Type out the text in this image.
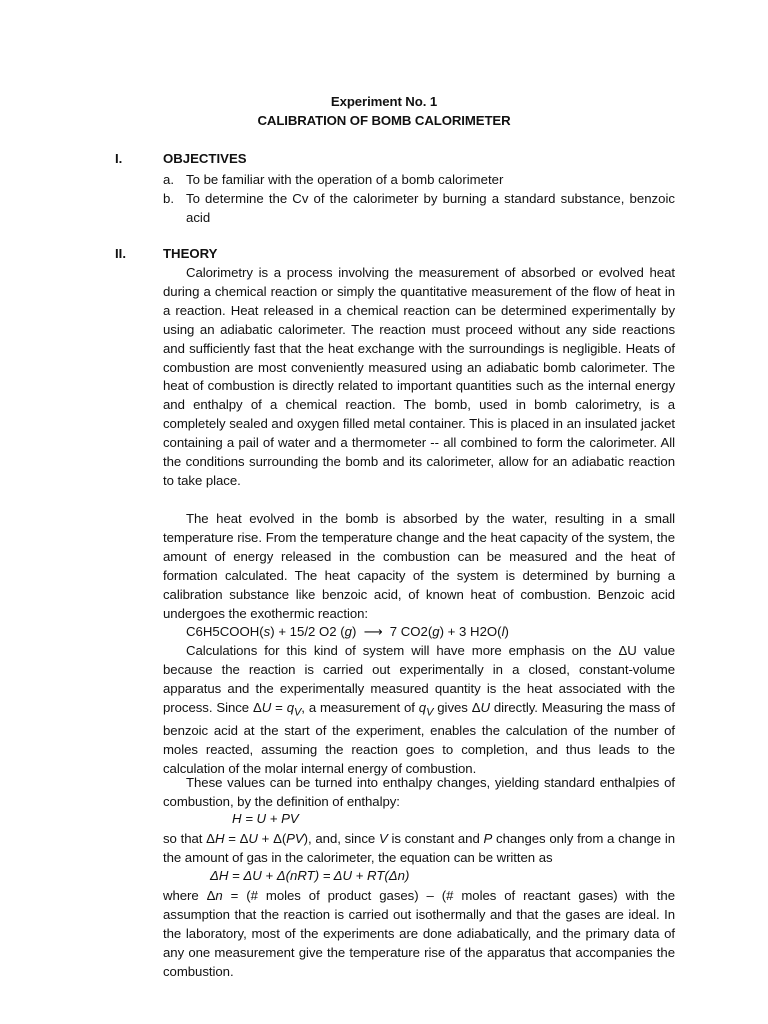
Experiment No. 1
CALIBRATION OF BOMB CALORIMETER
I.	OBJECTIVES
a. To be familiar with the operation of a bomb calorimeter
b. To determine the Cv of the calorimeter by burning a standard substance, benzoic acid
II.	THEORY
Calorimetry is a process involving the measurement of absorbed or evolved heat during a chemical reaction or simply the quantitative measurement of the flow of heat in a reaction. Heat released in a chemical reaction can be determined experimentally by using an adiabatic calorimeter. The reaction must proceed without any side reactions and sufficiently fast that the heat exchange with the surroundings is negligible. Heats of combustion are most conveniently measured using an adiabatic bomb calorimeter. The heat of combustion is directly related to important quantities such as the internal energy and enthalpy of a chemical reaction. The bomb, used in bomb calorimetry, is a completely sealed and oxygen filled metal container. This is placed in an insulated jacket containing a pail of water and a thermometer -- all combined to form the calorimeter. All the conditions surrounding the bomb and its calorimeter, allow for an adiabatic reaction to take place.
The heat evolved in the bomb is absorbed by the water, resulting in a small temperature rise. From the temperature change and the heat capacity of the system, the amount of energy released in the combustion can be measured and the heat of formation calculated. The heat capacity of the system is determined by burning a calibration substance like benzoic acid, of known heat of combustion. Benzoic acid undergoes the exothermic reaction:
C6H5COOH(s) + 15/2 O2 (g) ⟶ 7 CO2(g) + 3 H2O(l)
Calculations for this kind of system will have more emphasis on the ΔU value because the reaction is carried out experimentally in a closed, constant-volume apparatus and the experimentally measured quantity is the heat associated with the process. Since $\Delta U = q_V$, a measurement of $q_V$ gives ΔU directly. Measuring the mass of benzoic acid at the start of the experiment, enables the calculation of the number of moles reacted, assuming the reaction goes to completion, and thus leads to the calculation of the molar internal energy of combustion.
These values can be turned into enthalpy changes, yielding standard enthalpies of combustion, by the definition of enthalpy:
H = U + PV
so that ΔH = ΔU + Δ(PV), and, since V is constant and P changes only from a change in the amount of gas in the calorimeter, the equation can be written as
ΔH = ΔU + Δ(nRT) = ΔU + RT(Δn)
where Δn = (# moles of product gases) – (# moles of reactant gases) with the assumption that the reaction is carried out isothermally and that the gases are ideal. In the laboratory, most of the experiments are done adiabatically, and the primary data of any one measurement give the temperature rise of the apparatus that accompanies the combustion.
